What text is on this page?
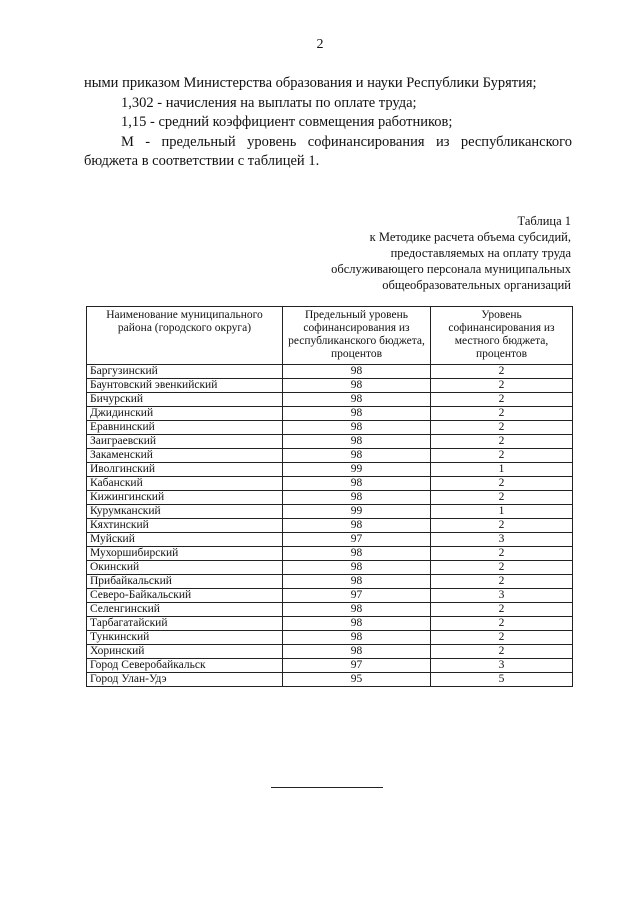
2

ными приказом Министерства образования и науки Республики Бурятия;

1,302 - начисления на выплаты по оплате труда;

1,15 - средний коэффициент совмещения работников;

М - предельный уровень софинансирования из республиканского бюджета в соответствии с таблицей 1.

Таблица 1
к Методике расчета объема субсидий,
предоставляемых на оплату труда
обслуживающего персонала муниципальных
общеобразовательных организаций
Наименование муниципального района (городского округа)	Предельный уровень софинансирования из республиканского бюджета, процентов	Уровень софинансирования из местного бюджета, процентов
Баргузинский	98	2
Баунтовский эвенкийский	98	2
Бичурский	98	2
Джидинский	98	2
Еравнинский	98	2
Заиграевский	98	2
Закаменский	98	2
Иволгинский	99	1
Кабанский	98	2
Кижингинский	98	2
Курумканский	99	1
Кяхтинский	98	2
Муйский	97	3
Мухоршибирский	98	2
Окинский	98	2
Прибайкальский	98	2
Северо-Байкальский	97	3
Селенгинский	98	2
Тарбагатайский	98	2
Тункинский	98	2
Хоринский	98	2
Город Северобайкальск	97	3
Город Улан-Удэ	95	5
